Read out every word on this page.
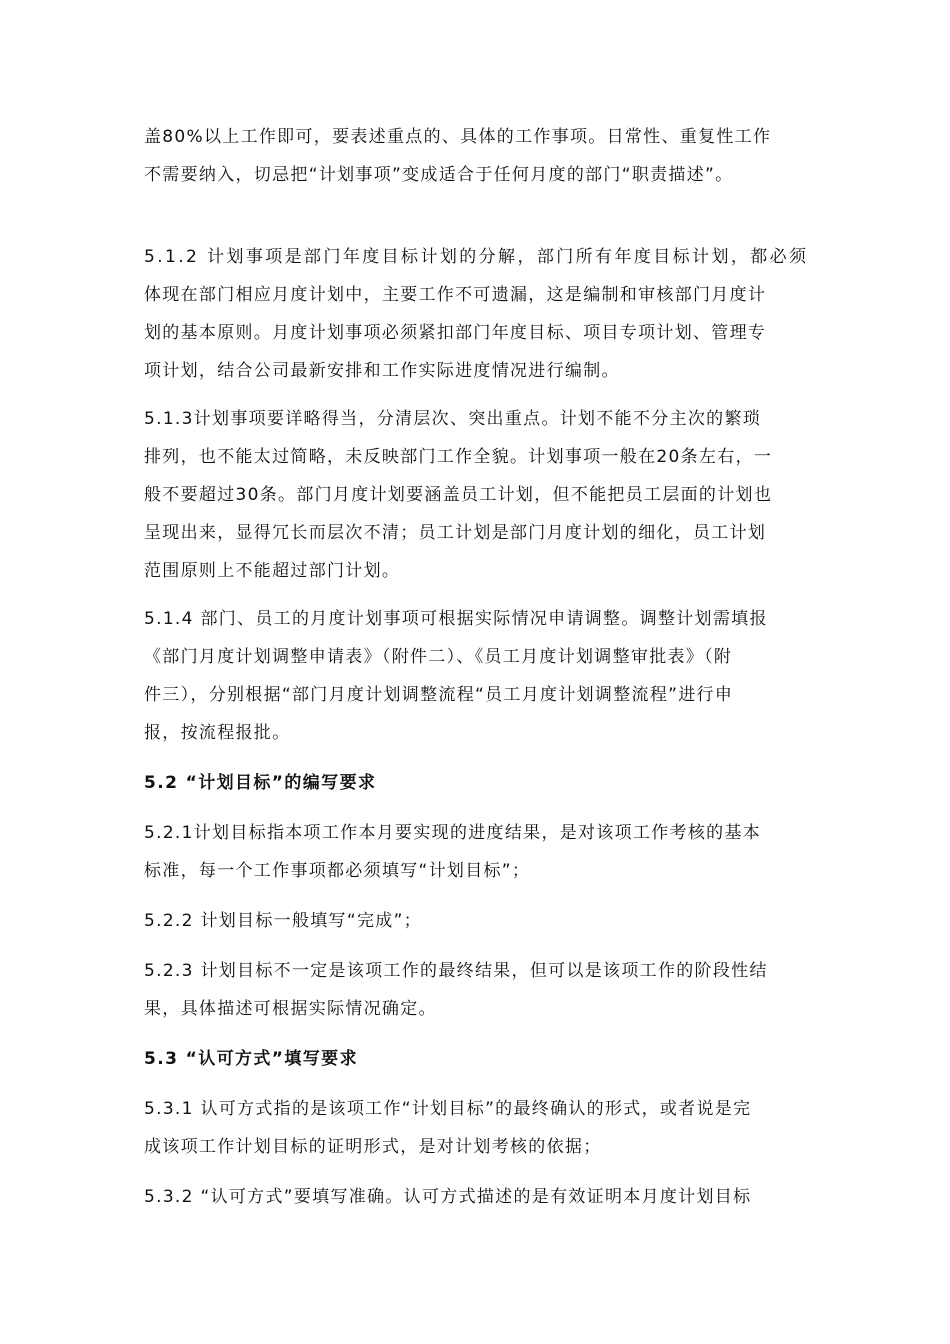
盖80%以上工作即可，要表述重点的、具体的工作事项。日常性、重复性工作
不需要纳入，切忌把“计划事项”变成适合于任何月度的部门“职责描述”。
5.1.2 计划事项是部门年度目标计划的分解，部门所有年度目标计划，都必须
体现在部门相应月度计划中，主要工作不可遗漏，这是编制和审核部门月度计
划的基本原则。月度计划事项必须紧扣部门年度目标、项目专项计划、管理专
项计划，结合公司最新安排和工作实际进度情况进行编制。
5.1.3计划事项要详略得当，分清层次、突出重点。计划不能不分主次的繁琐
排列，也不能太过简略，未反映部门工作全貌。计划事项一般在20条左右，一
般不要超过30条。部门月度计划要涵盖员工计划，但不能把员工层面的计划也
呈现出来，显得冗长而层次不清；员工计划是部门月度计划的细化，员工计划
范围原则上不能超过部门计划。
5.1.4 部门、员工的月度计划事项可根据实际情况申请调整。调整计划需填报
《部门月度计划调整申请表》（附件二）、《员工月度计划调整审批表》（附
件三），分别根据“部门月度计划调整流程“员工月度计划调整流程”进行申
报，按流程报批。
5.2 “计划目标”的编写要求
5.2.1计划目标指本项工作本月要实现的进度结果，是对该项工作考核的基本
标准，每一个工作事项都必须填写“计划目标”；
5.2.2 计划目标一般填写“完成”；
5.2.3 计划目标不一定是该项工作的最终结果，但可以是该项工作的阶段性结
果，具体描述可根据实际情况确定。
5.3 “认可方式”填写要求
5.3.1 认可方式指的是该项工作“计划目标”的最终确认的形式，或者说是完
成该项工作计划目标的证明形式，是对计划考核的依据；
5.3.2 “认可方式”要填写准确。认可方式描述的是有效证明本月度计划目标
